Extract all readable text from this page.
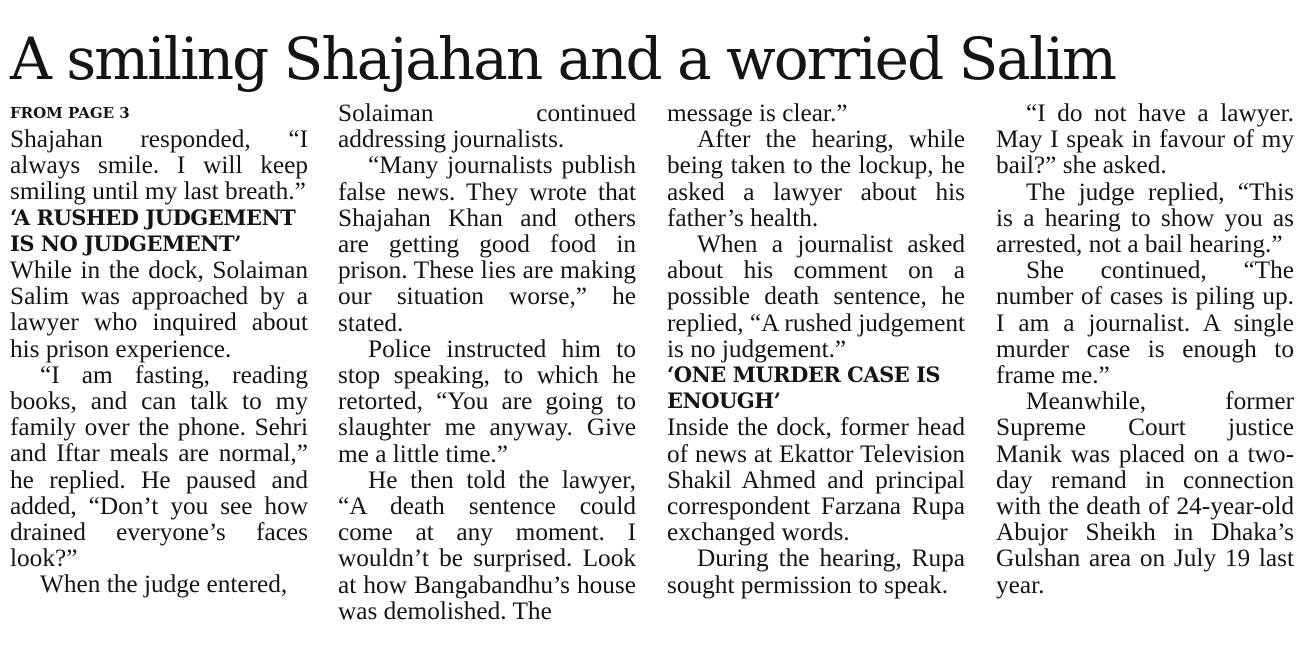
A smiling Shajahan and a worried Salim
FROM PAGE 3

Shajahan responded, “I always smile. I will keep smiling until my last breath.”

‘A RUSHED JUDGEMENT IS NO JUDGEMENT’

While in the dock, Solaiman Salim was approached by a lawyer who inquired about his prison experience.

“I am fasting, reading books, and can talk to my family over the phone. Sehri and Iftar meals are normal,” he replied. He paused and added, “Don’t you see how drained everyone’s faces look?”

When the judge entered,

Solaiman continued addressing journalists.

“Many journalists publish false news. They wrote that Shajahan Khan and others are getting good food in prison. These lies are making our situation worse,” he stated.

Police instructed him to stop speaking, to which he retorted, “You are going to slaughter me anyway. Give me a little time.”

He then told the lawyer, “A death sentence could come at any moment. I wouldn’t be surprised. Look at how Bangabandhu’s house was demolished. The

message is clear.”

After the hearing, while being taken to the lockup, he asked a lawyer about his father’s health.

When a journalist asked about his comment on a possible death sentence, he replied, “A rushed judgement is no judgement.”

‘ONE MURDER CASE IS ENOUGH’

Inside the dock, former head of news at Ekattor Television Shakil Ahmed and principal correspondent Farzana Rupa exchanged words.

During the hearing, Rupa sought permission to speak.

“I do not have a lawyer. May I speak in favour of my bail?” she asked.

The judge replied, “This is a hearing to show you as arrested, not a bail hearing.”

She continued, “The number of cases is piling up. I am a journalist. A single murder case is enough to frame me.”

Meanwhile, former Supreme Court justice Manik was placed on a two-day remand in connection with the death of 24-year-old Abujor Sheikh in Dhaka’s Gulshan area on July 19 last year.
